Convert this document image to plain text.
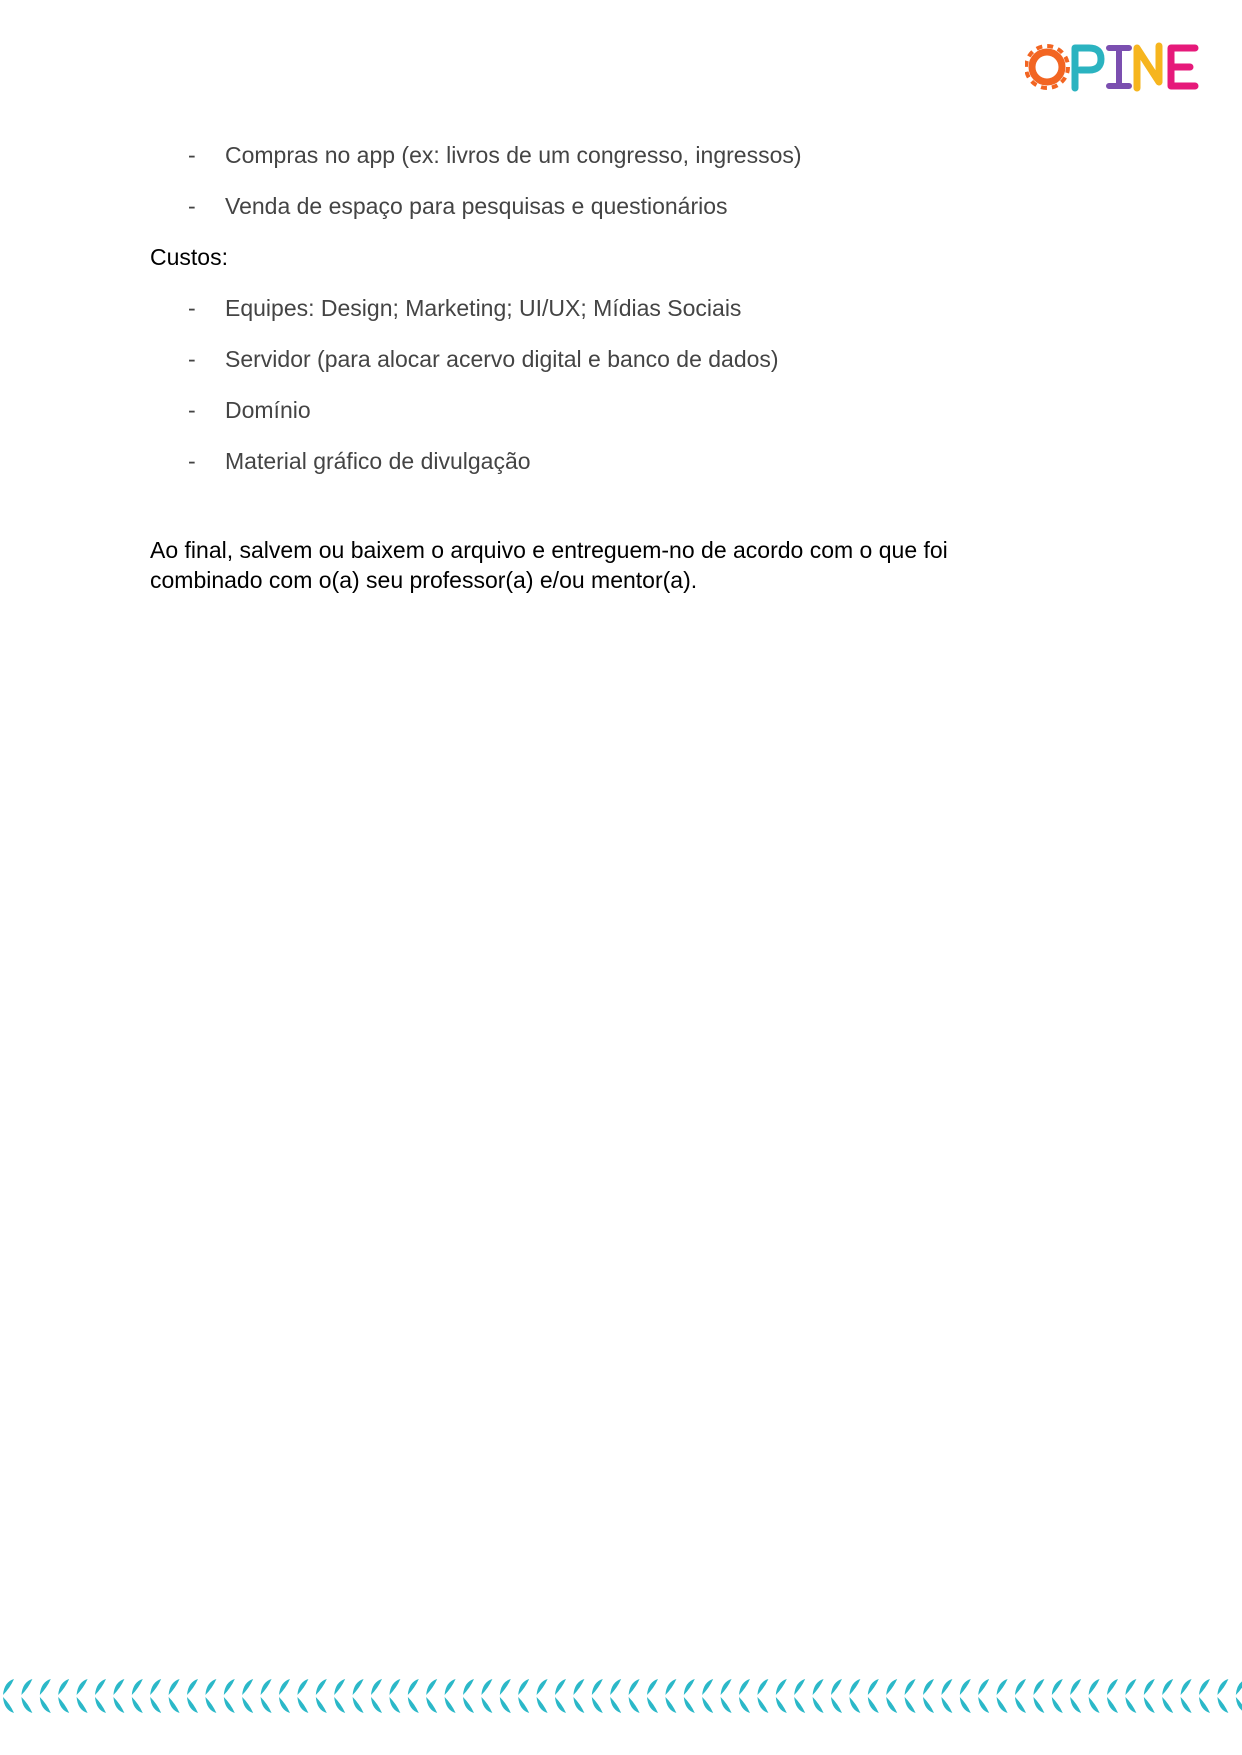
- Compras no app (ex: livros de um congresso, ingressos)
- Venda de espaço para pesquisas e questionários

Custos:

- Equipes: Design; Marketing; UI/UX; Mídias Sociais
- Servidor (para alocar acervo digital e banco de dados)
- Domínio
- Material gráfico de divulgação

Ao final, salvem ou baixem o arquivo e entreguem-no de acordo com o que foi combinado com o(a) seu professor(a) e/ou mentor(a).
